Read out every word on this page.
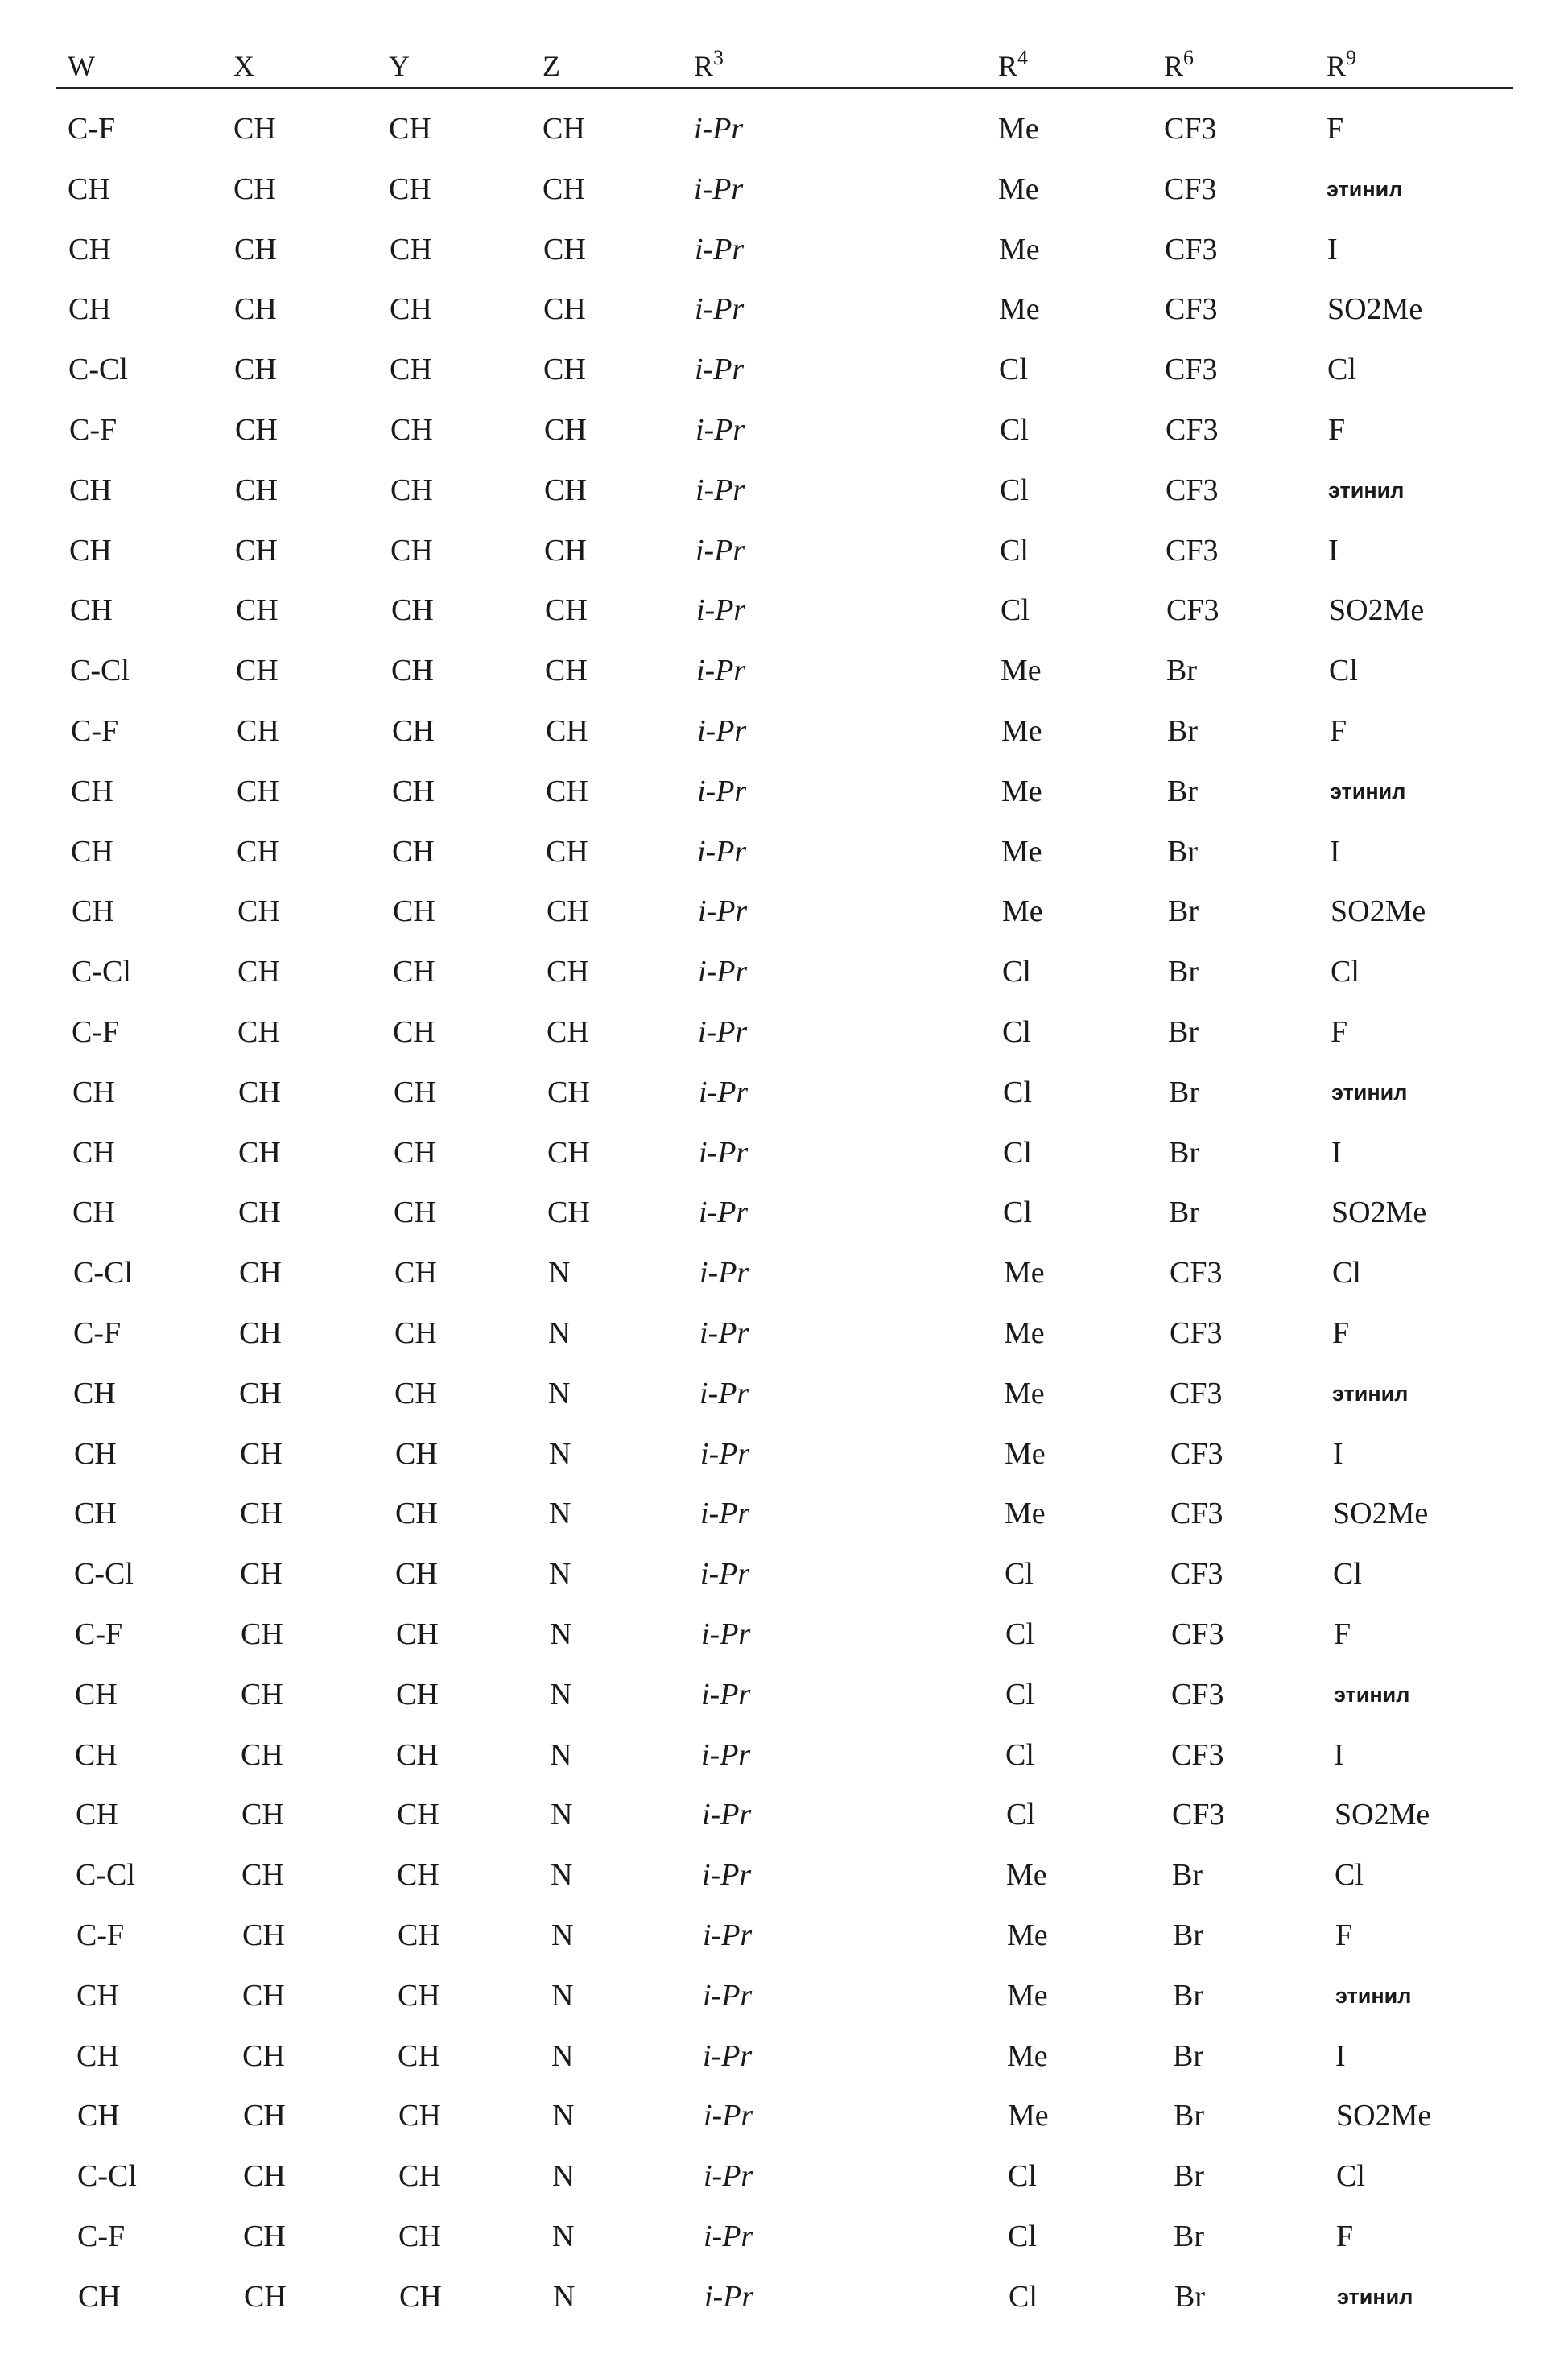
W	X	Y	Z	R3	R4	R6	R9
C-F	CH	CH	CH	i-Pr	Me	CF3	F
CH	CH	CH	CH	i-Pr	Me	CF3	этинил
CH	CH	CH	CH	i-Pr	Me	CF3	I
CH	CH	CH	CH	i-Pr	Me	CF3	SO2Me
C-Cl	CH	CH	CH	i-Pr	Cl	CF3	Cl
C-F	CH	CH	CH	i-Pr	Cl	CF3	F
CH	CH	CH	CH	i-Pr	Cl	CF3	этинил
CH	CH	CH	CH	i-Pr	Cl	CF3	I
CH	CH	CH	CH	i-Pr	Cl	CF3	SO2Me
C-Cl	CH	CH	CH	i-Pr	Me	Br	Cl
C-F	CH	CH	CH	i-Pr	Me	Br	F
CH	CH	CH	CH	i-Pr	Me	Br	этинил
CH	CH	CH	CH	i-Pr	Me	Br	I
CH	CH	CH	CH	i-Pr	Me	Br	SO2Me
C-Cl	CH	CH	CH	i-Pr	Cl	Br	Cl
C-F	CH	CH	CH	i-Pr	Cl	Br	F
CH	CH	CH	CH	i-Pr	Cl	Br	этинил
CH	CH	CH	CH	i-Pr	Cl	Br	I
CH	CH	CH	CH	i-Pr	Cl	Br	SO2Me
C-Cl	CH	CH	N	i-Pr	Me	CF3	Cl
C-F	CH	CH	N	i-Pr	Me	CF3	F
CH	CH	CH	N	i-Pr	Me	CF3	этинил
CH	CH	CH	N	i-Pr	Me	CF3	I
CH	CH	CH	N	i-Pr	Me	CF3	SO2Me
C-Cl	CH	CH	N	i-Pr	Cl	CF3	Cl
C-F	CH	CH	N	i-Pr	Cl	CF3	F
CH	CH	CH	N	i-Pr	Cl	CF3	этинил
CH	CH	CH	N	i-Pr	Cl	CF3	I
CH	CH	CH	N	i-Pr	Cl	CF3	SO2Me
C-Cl	CH	CH	N	i-Pr	Me	Br	Cl
C-F	CH	CH	N	i-Pr	Me	Br	F
CH	CH	CH	N	i-Pr	Me	Br	этинил
CH	CH	CH	N	i-Pr	Me	Br	I
CH	CH	CH	N	i-Pr	Me	Br	SO2Me
C-Cl	CH	CH	N	i-Pr	Cl	Br	Cl
C-F	CH	CH	N	i-Pr	Cl	Br	F
CH	CH	CH	N	i-Pr	Cl	Br	этинил
